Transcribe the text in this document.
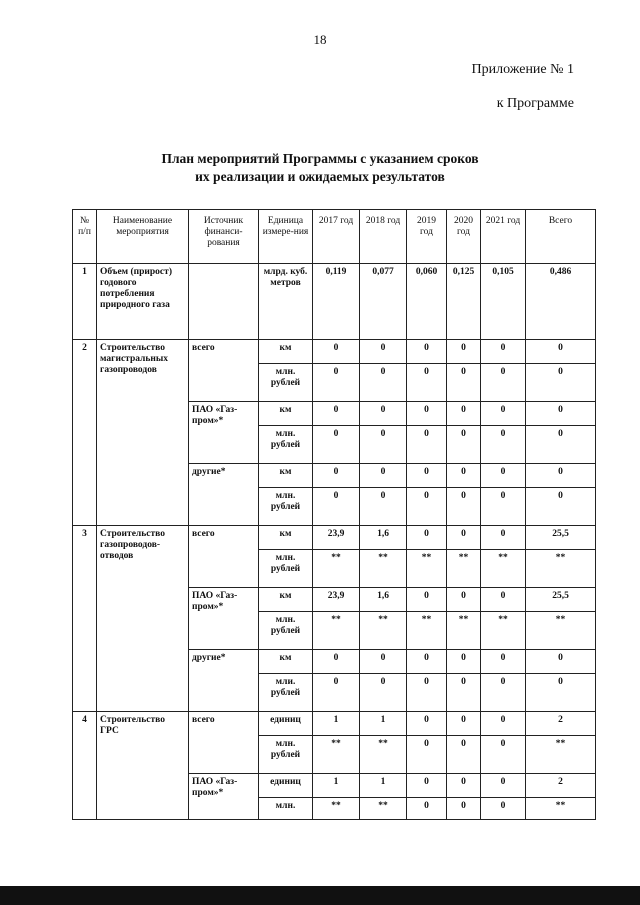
18
Приложение № 1
к Программе
План мероприятий Программы с указанием сроков
их реализации и ожидаемых результатов
№ п/п	Наименование мероприятия	Источник финанси-рования	Единица измере-ния	2017 год	2018 год	2019 год	2020 год	2021 год	Всего
1	Объем (прирост) годового потребления природного газа		млрд. куб. метров	0,119	0,077	0,060	0,125	0,105	0,486
2	Строительство магистральных газопроводов	всего	км	0	0	0	0	0	0
			млн. рублей	0	0	0	0	0	0
		ПАО «Газ-пром»*	км	0	0	0	0	0	0
			млн. рублей	0	0	0	0	0	0
		другие*	км	0	0	0	0	0	0
			млн. рублей	0	0	0	0	0	0
3	Строительство газопроводов-отводов	всего	км	23,9	1,6	0	0	0	25,5
			млн. рублей	**	**	**	**	**	**
		ПАО «Газ-пром»*	км	23,9	1,6	0	0	0	25,5
			млн. рублей	**	**	**	**	**	**
		другие*	км	0	0	0	0	0	0
			мли. рублей	0	0	0	0	0	0
4	Строительство ГРС	всего	единиц	1	1	0	0	0	2
			млн. рублей	**	**	0	0	0	**
		ПАО «Газ-пром»*	единиц	1	1	0	0	0	2
			млн.	**	**	0	0	0	**
